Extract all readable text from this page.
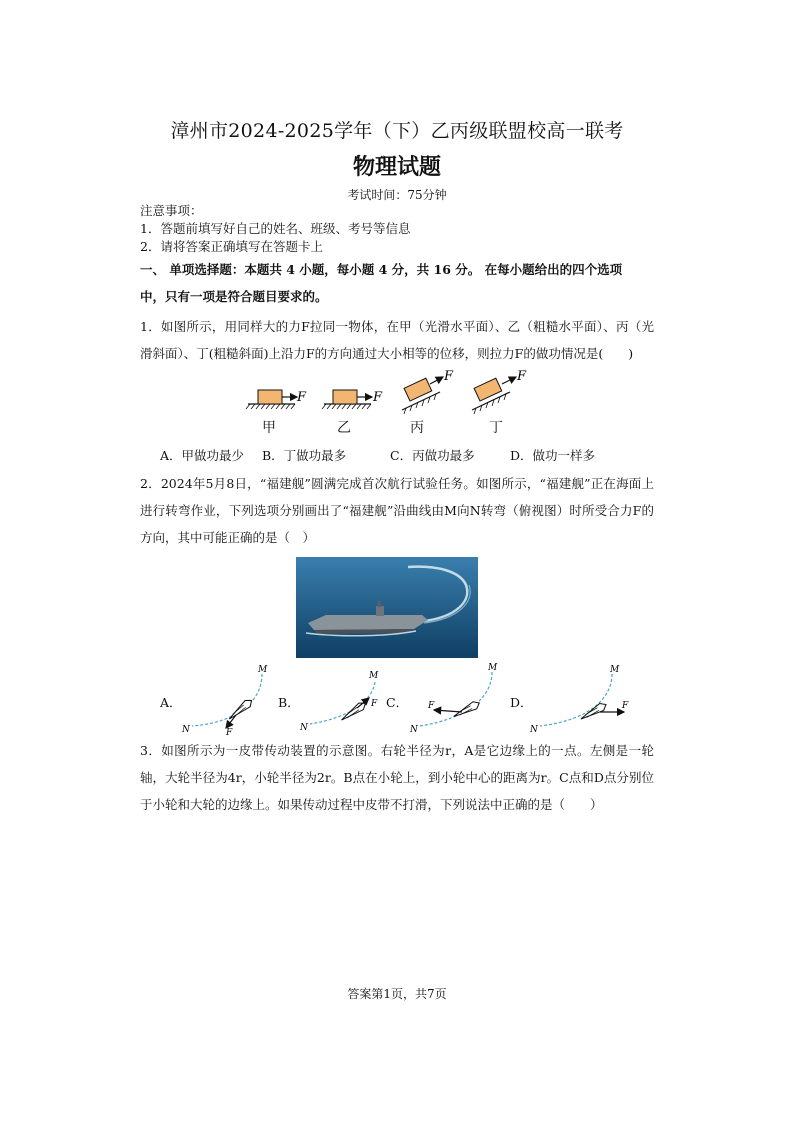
漳州市2024-2025学年（下）乙丙级联盟校高一联考
物理试题
考试时间：75分钟
注意事项：
1．答题前填写好自己的姓名、班级、考号等信息
2．请将答案正确填写在答题卡上
一、 单项选择题：本题共 4 小题，每小题 4 分，共 16 分。 在每小题给出的四个选项
中，只有一项是符合题目要求的。
1．如图所示，用同样大的力F拉同一物体，在甲（光滑水平面）、乙（粗糙水平面）、丙（光滑斜面）、丁(粗糙斜面)上沿力F的方向通过大小相等的位移，则拉力F的做功情况是(　　)
F	F
F	F
甲	乙	丙	丁
A．甲做功最少 B．丁做功最多	C．丙做功最多	D．做功一样多
2．2024年5月8日，“福建舰”圆满完成首次航行试验任务。如图所示，“福建舰”正在海面上进行转弯作业，下列选项分别画出了“福建舰”沿曲线由M向N转弯（俯视图）时所受合力F的方向，其中可能正确的是（　）
M
N	F
M
N
F
M
N
F
M
N
F
A．	B．	C．	D．
3．如图所示为一皮带传动装置的示意图。右轮半径为r，A是它边缘上的一点。左侧是一轮轴，大轮半径为4r，小轮半径为2r。B点在小轮上，到小轮中心的距离为r。C点和D点分别位于小轮和大轮的边缘上。如果传动过程中皮带不打滑，下列说法中正确的是（　　）
答案第1页，共7页
